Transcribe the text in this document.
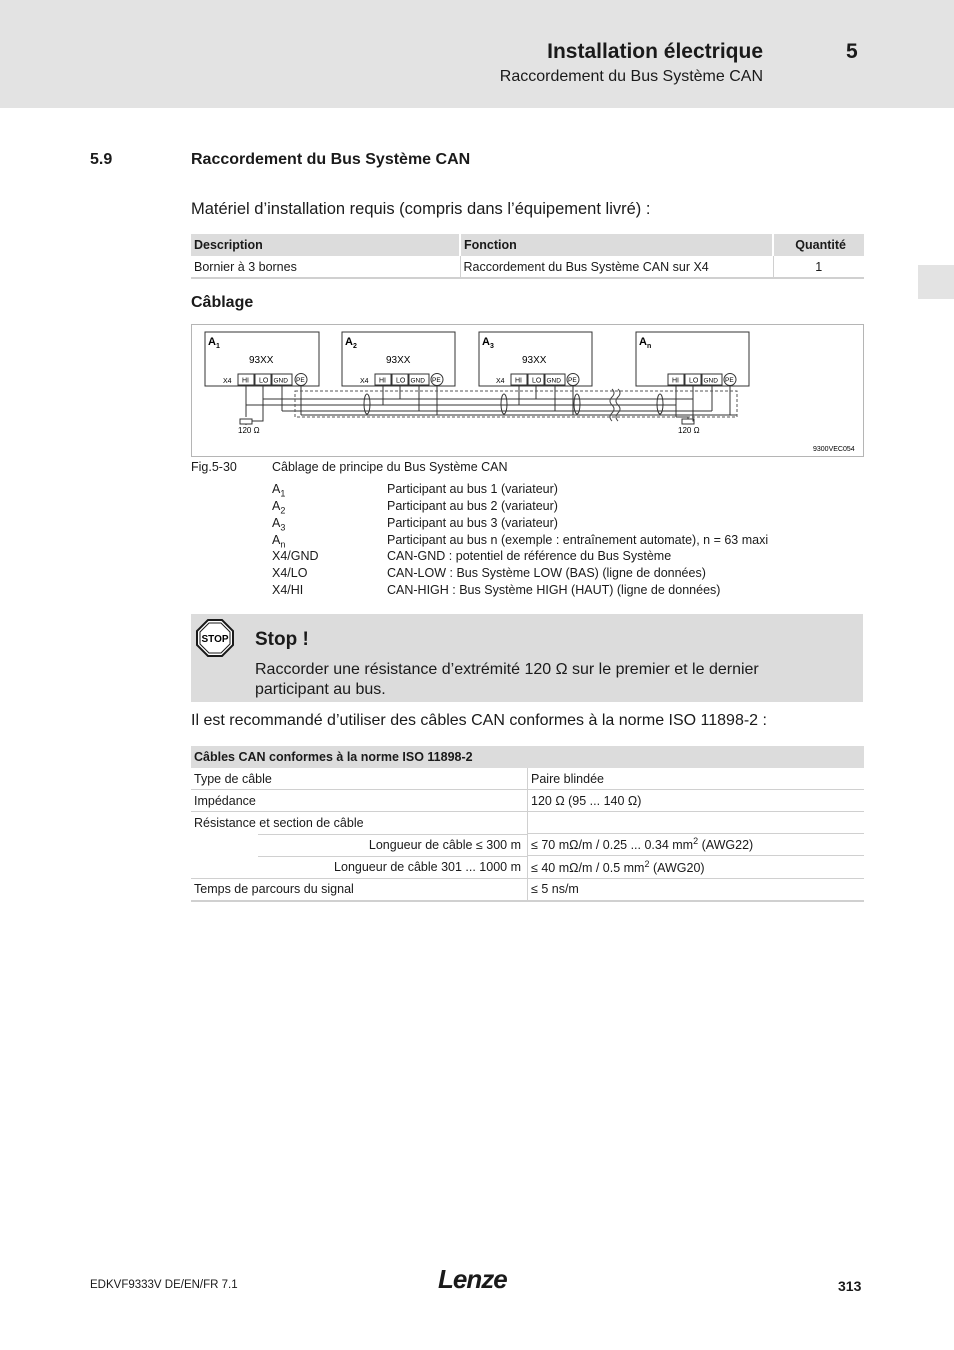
Installation électrique	5
Raccordement du Bus Système CAN
5.9	Raccordement du Bus Système CAN
Matériel d’installation requis (compris dans l’équipement livré) :
Description	Fonction	Quantité
Bornier à 3 bornes	Raccordement du Bus Système CAN sur X4	1
Câblage
$A_1$
93XX
X4 HI LO GND PE
$A_2$
93XX
X4 HI LO GND PE
$A_3$
93XX
X4 HI LO GND PE
$A_n$
HI LO GND PE
120 Ω	120 Ω
9300VEC054
Fig.5-30	Câblage de principe du Bus Système CAN
$A_1$	Participant au bus 1 (variateur)
$A_2$	Participant au bus 2 (variateur)
$A_3$	Participant au bus 3 (variateur)
$A_n$	Participant au bus n (exemple : entraînement automate), n = 63 maxi
X4/GND	CAN-GND : potentiel de référence du Bus Système
X4/LO	CAN-LOW : Bus Système LOW (BAS) (ligne de données)
X4/HI	CAN-HIGH : Bus Système HIGH (HAUT) (ligne de données)
STOP Stop !
Raccorder une résistance d’extrémité 120 Ω sur le premier et le dernier participant au bus.
Il est recommandé d’utiliser des câbles CAN conformes à la norme ISO 11898-2 :
Câbles CAN conformes à la norme ISO 11898-2	
Type de câble	Paire blindée
Impédance	120 Ω (95 ... 140 Ω)
Résistance et section de câble	

Longueur de câble ≤ 300 m	≤ 70 mΩ/m / 0.25 ... 0.34 $mm^2$ (AWG22)

Longueur de câble 301 ... 1000 m	≤ 40 mΩ/m / 0.5 $mm^2$ (AWG20)
Temps de parcours du signal	≤ 5 ns/m
EDKVF9333V DE/EN/FR 7.1	Lenze	313
